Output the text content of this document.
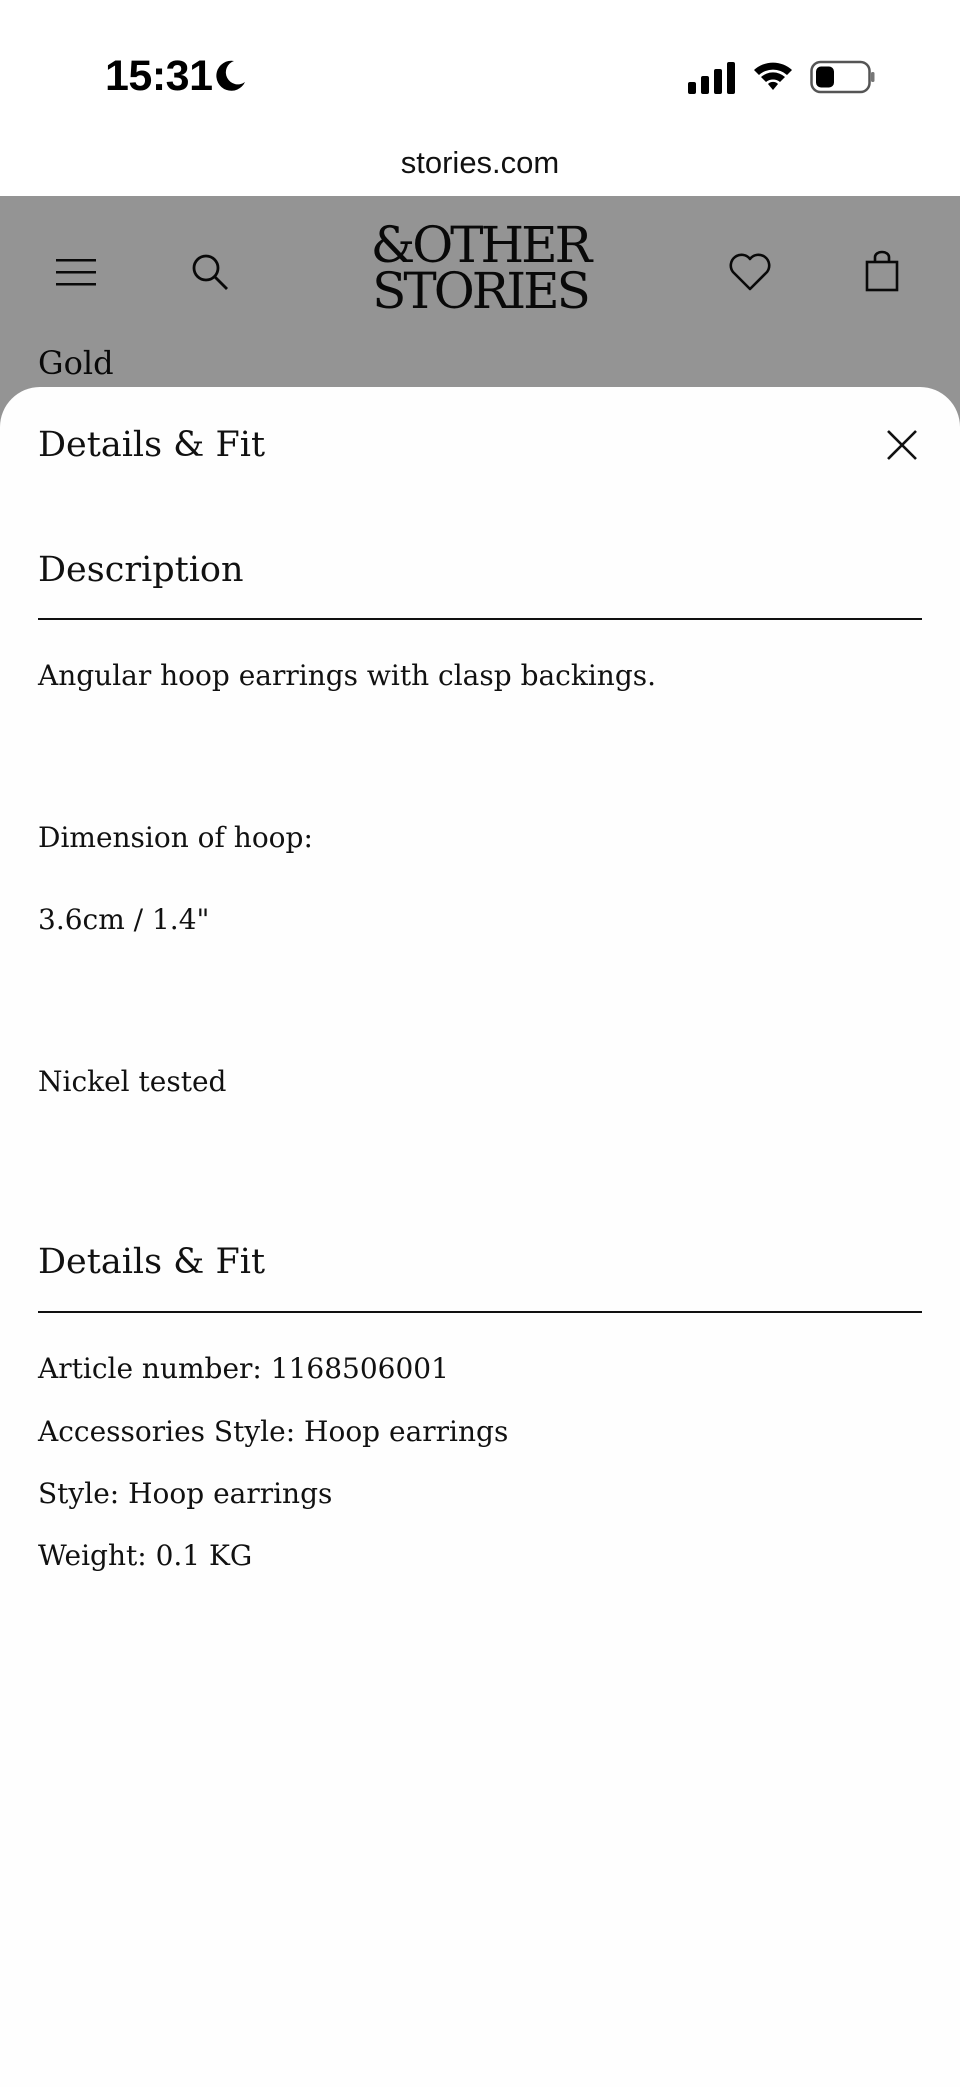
15:31
stories.com
&OTHER
STORIES
Gold
Details & Fit
Description
Angular hoop earrings with clasp backings.
Dimension of hoop:
3.6cm / 1.4"
Nickel tested
Details & Fit
Article number: 1168506001
Accessories Style: Hoop earrings
Style: Hoop earrings
Weight: 0.1 KG
